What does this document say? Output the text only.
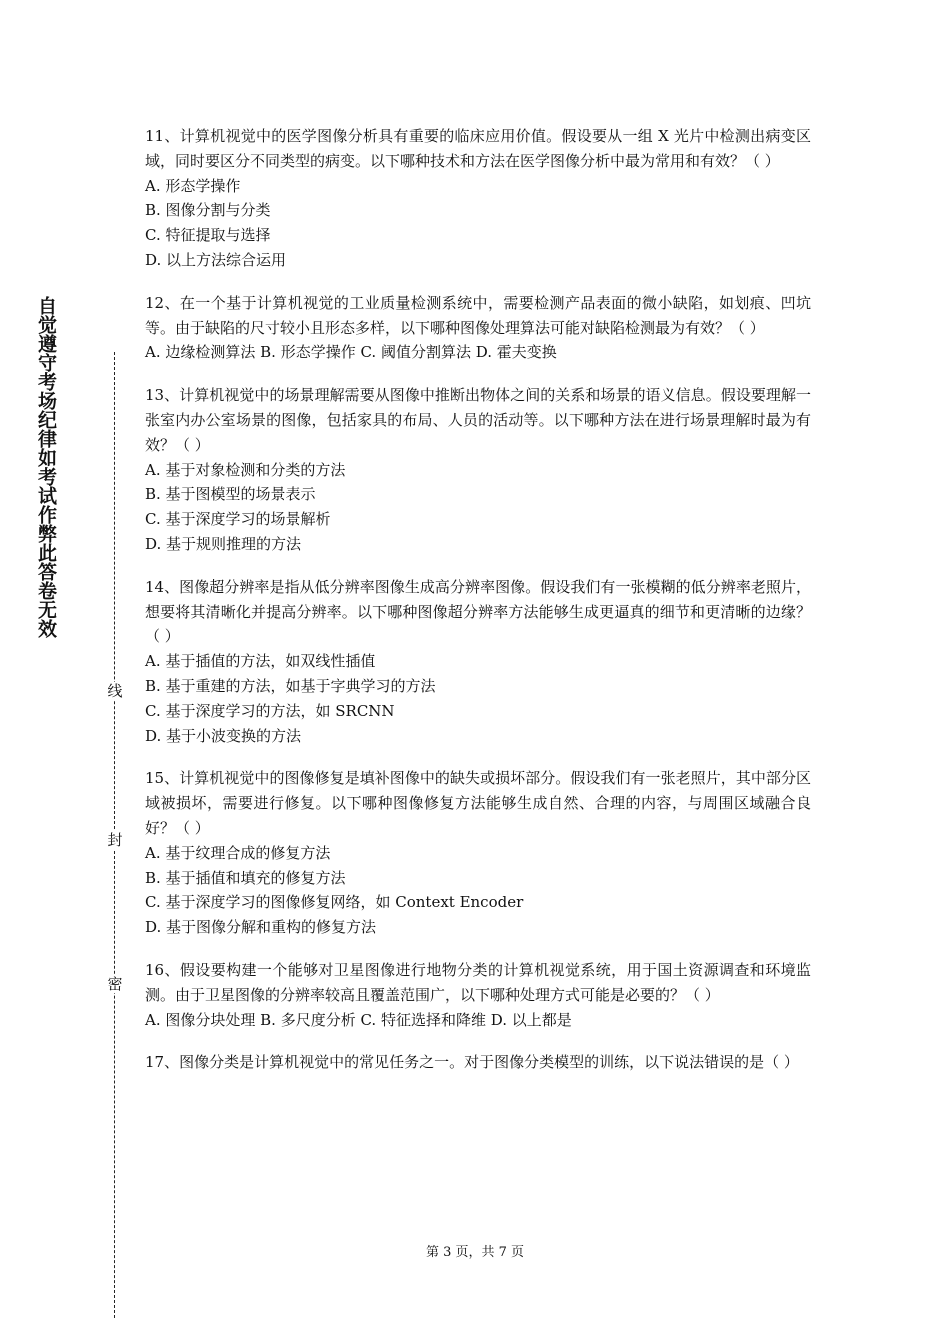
自觉遵守考场纪律如考试作弊此答卷无效
线
封
密

11、计算机视觉中的医学图像分析具有重要的临床应用价值。假设要从一组 X 光片中检测出病变区域，同时要区分不同类型的病变。以下哪种技术和方法在医学图像分析中最为常用和有效？（ ）

A. 形态学操作

B. 图像分割与分类

C. 特征提取与选择

D. 以上方法综合运用

12、在一个基于计算机视觉的工业质量检测系统中，需要检测产品表面的微小缺陷，如划痕、凹坑等。由于缺陷的尺寸较小且形态多样，以下哪种图像处理算法可能对缺陷检测最为有效？（ ）

A. 边缘检测算法 B. 形态学操作 C. 阈值分割算法 D. 霍夫变换

13、计算机视觉中的场景理解需要从图像中推断出物体之间的关系和场景的语义信息。假设要理解一张室内办公室场景的图像，包括家具的布局、人员的活动等。以下哪种方法在进行场景理解时最为有效？（ ）

A. 基于对象检测和分类的方法

B. 基于图模型的场景表示

C. 基于深度学习的场景解析

D. 基于规则推理的方法

14、图像超分辨率是指从低分辨率图像生成高分辨率图像。假设我们有一张模糊的低分辨率老照片，想要将其清晰化并提高分辨率。以下哪种图像超分辨率方法能够生成更逼真的细节和更清晰的边缘？（ ）

A. 基于插值的方法，如双线性插值

B. 基于重建的方法，如基于字典学习的方法

C. 基于深度学习的方法，如 SRCNN

D. 基于小波变换的方法

15、计算机视觉中的图像修复是填补图像中的缺失或损坏部分。假设我们有一张老照片，其中部分区域被损坏，需要进行修复。以下哪种图像修复方法能够生成自然、合理的内容，与周围区域融合良好？（ ）

A. 基于纹理合成的修复方法

B. 基于插值和填充的修复方法

C. 基于深度学习的图像修复网络，如 Context Encoder

D. 基于图像分解和重构的修复方法

16、假设要构建一个能够对卫星图像进行地物分类的计算机视觉系统，用于国土资源调查和环境监测。由于卫星图像的分辨率较高且覆盖范围广，以下哪种处理方式可能是必要的？（ ）

A. 图像分块处理 B. 多尺度分析 C. 特征选择和降维 D. 以上都是

17、图像分类是计算机视觉中的常见任务之一。对于图像分类模型的训练，以下说法错误的是（ ）

第 3 页，共 7 页
